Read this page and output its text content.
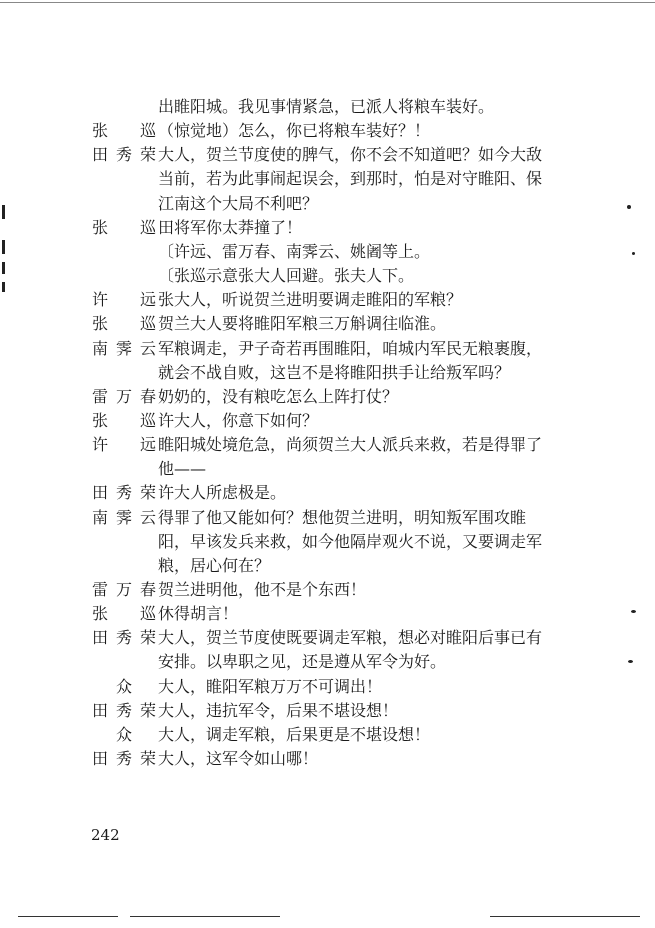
出睢阳城。我见事情紧急，已派人将粮车装好。
张　巡 （惊觉地）怎么，你已将粮车装好？！
田秀荣 大人，贺兰节度使的脾气，你不会不知道吧？如今大敌
当前，若为此事闹起误会，到那时，怕是对守睢阳、保
江南这个大局不利吧？
张　巡 田将军你太莽撞了！
〔许远、雷万春、南霁云、姚阇等上。
〔张巡示意张大人回避。张夫人下。
许　远 张大人，听说贺兰进明要调走睢阳的军粮？
张　巡 贺兰大人要将睢阳军粮三万斛调往临淮。
南霁云 军粮调走，尹子奇若再围睢阳，咱城内军民无粮裹腹，
就会不战自败，这岂不是将睢阳拱手让给叛军吗？
雷万春 奶奶的，没有粮吃怎么上阵打仗？
张　巡 许大人，你意下如何？
许　远 睢阳城处境危急，尚须贺兰大人派兵来救，若是得罪了
他——
田秀荣 许大人所虑极是。
南霁云 得罪了他又能如何？想他贺兰进明，明知叛军围攻睢
阳，早该发兵来救，如今他隔岸观火不说，又要调走军
粮，居心何在？
雷万春 贺兰进明他，他不是个东西！
张　巡 休得胡言！
田秀荣 大人，贺兰节度使既要调走军粮，想必对睢阳后事已有
安排。以卑职之见，还是遵从军令为好。
众	大人，睢阳军粮万万不可调出！
田秀荣 大人，违抗军令，后果不堪设想！
众	大人，调走军粮，后果更是不堪设想！
田秀荣 大人，这军令如山哪！
242
